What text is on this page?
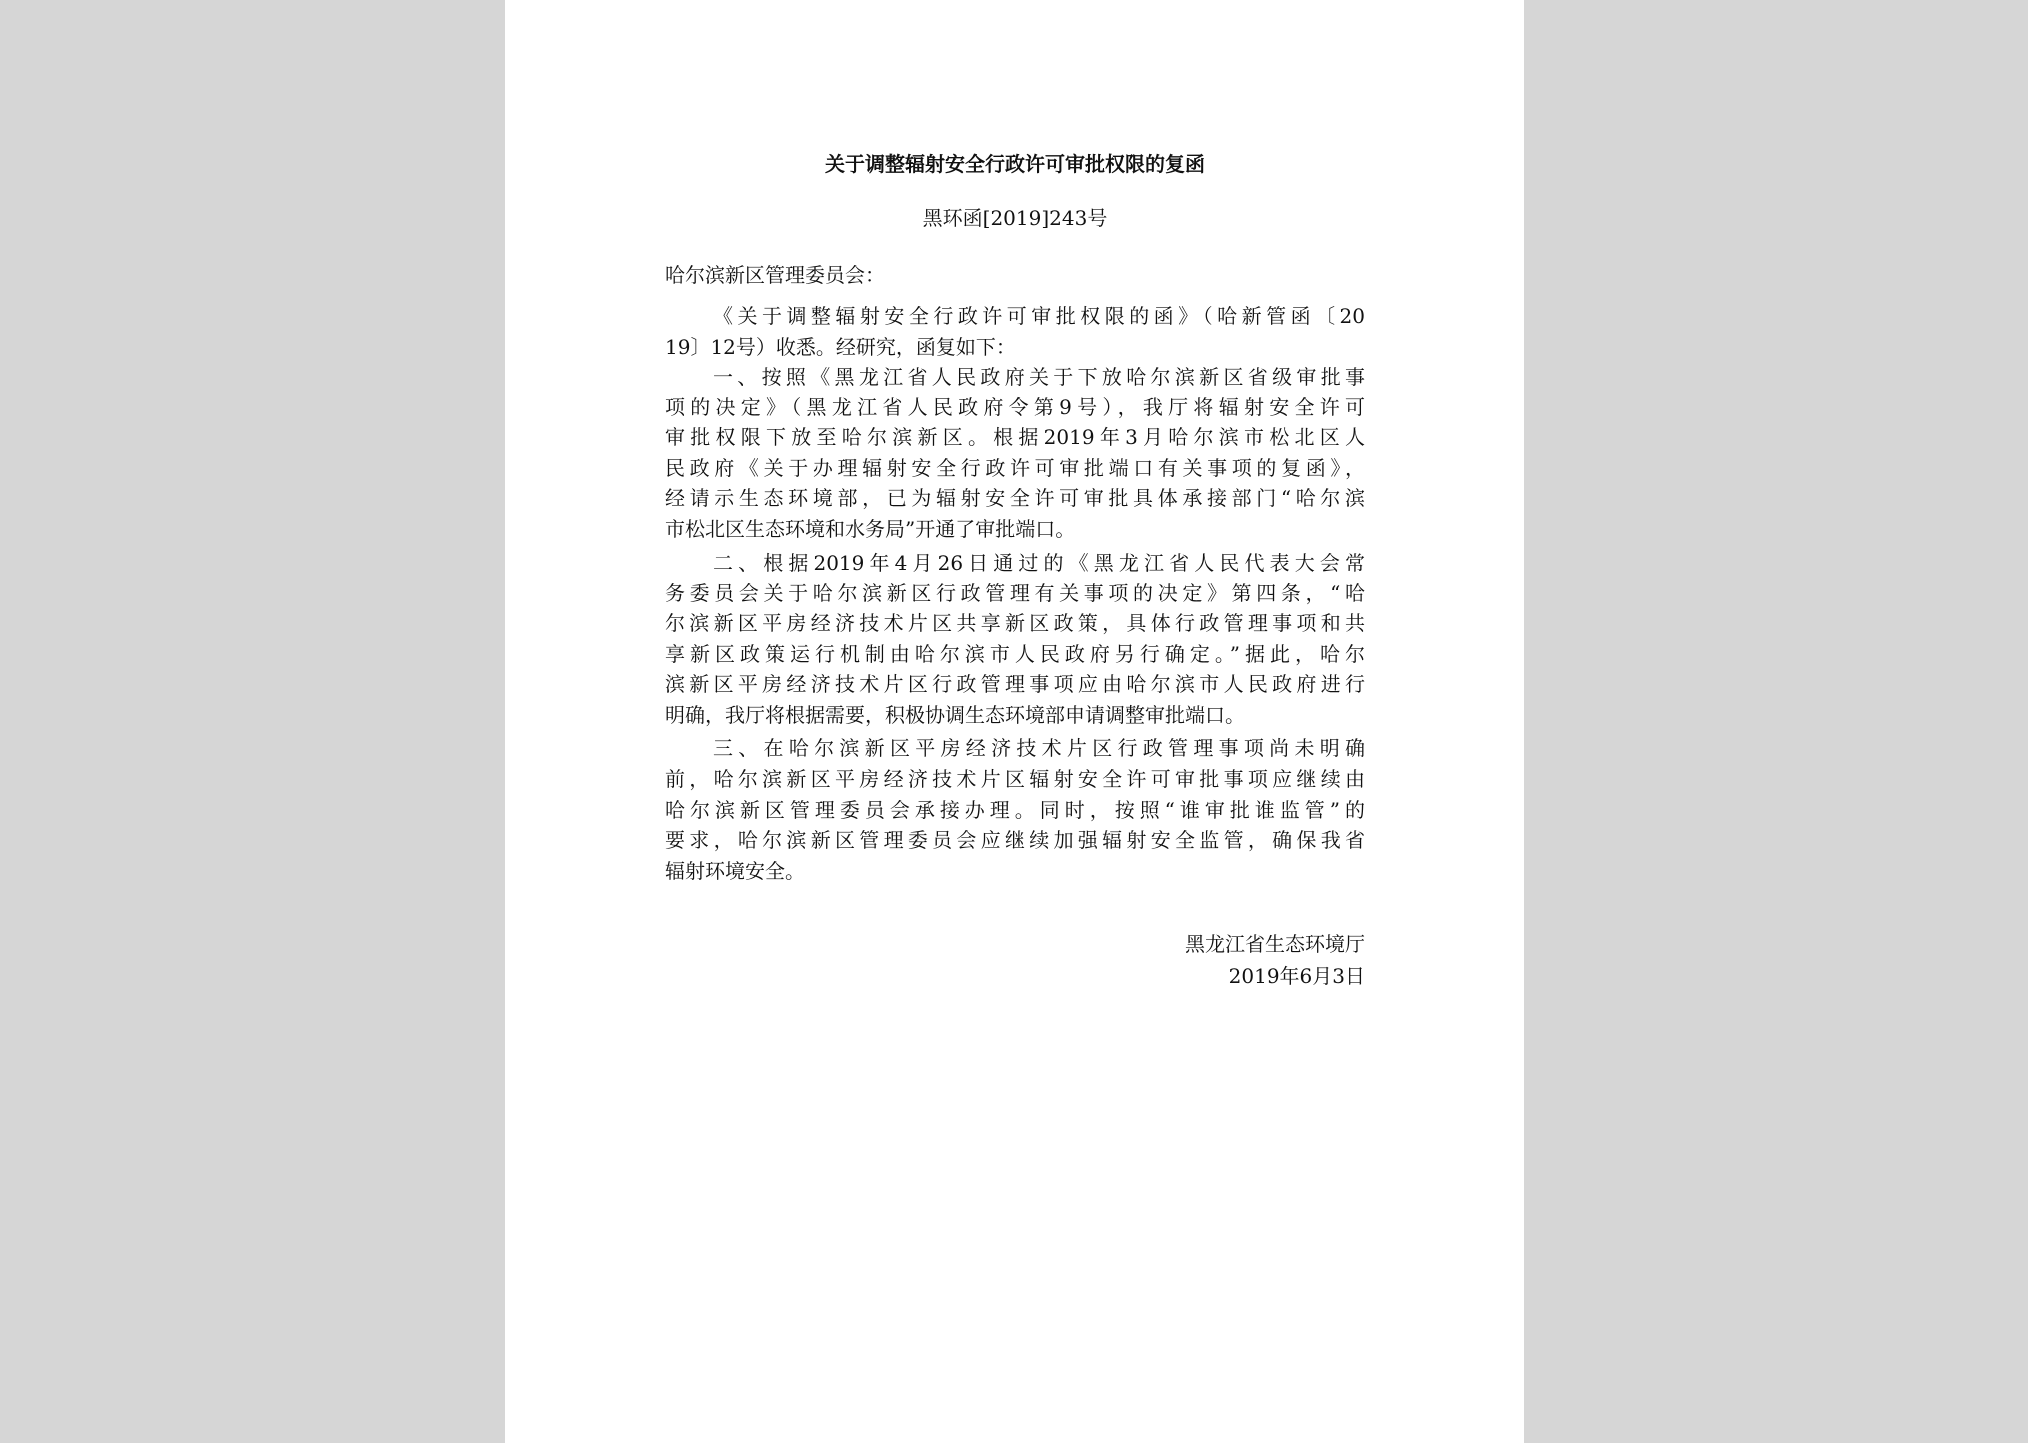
关于调整辐射安全行政许可审批权限的复函
黑环函[2019]243号
哈尔滨新区管理委员会：
《关于调整辐射安全行政许可审批权限的函》（哈新管函〔20
19〕12号）收悉。经研究，函复如下：
一、按照《黑龙江省人民政府关于下放哈尔滨新区省级审批事
项的决定》（黑龙江省人民政府令第9号），我厅将辐射安全许可
审批权限下放至哈尔滨新区。根据2019年3月哈尔滨市松北区人
民政府《关于办理辐射安全行政许可审批端口有关事项的复函》，
经请示生态环境部，已为辐射安全许可审批具体承接部门“哈尔滨
市松北区生态环境和水务局”开通了审批端口。
二、根据2019年4月26日通过的《黑龙江省人民代表大会常
务委员会关于哈尔滨新区行政管理有关事项的决定》第四条，“哈
尔滨新区平房经济技术片区共享新区政策，具体行政管理事项和共
享新区政策运行机制由哈尔滨市人民政府另行确定。”据此，哈尔
滨新区平房经济技术片区行政管理事项应由哈尔滨市人民政府进行
明确，我厅将根据需要，积极协调生态环境部申请调整审批端口。
三、在哈尔滨新区平房经济技术片区行政管理事项尚未明确
前，哈尔滨新区平房经济技术片区辐射安全许可审批事项应继续由
哈尔滨新区管理委员会承接办理。同时，按照“谁审批谁监管”的
要求，哈尔滨新区管理委员会应继续加强辐射安全监管，确保我省
辐射环境安全。
黑龙江省生态环境厅
2019年6月3日
